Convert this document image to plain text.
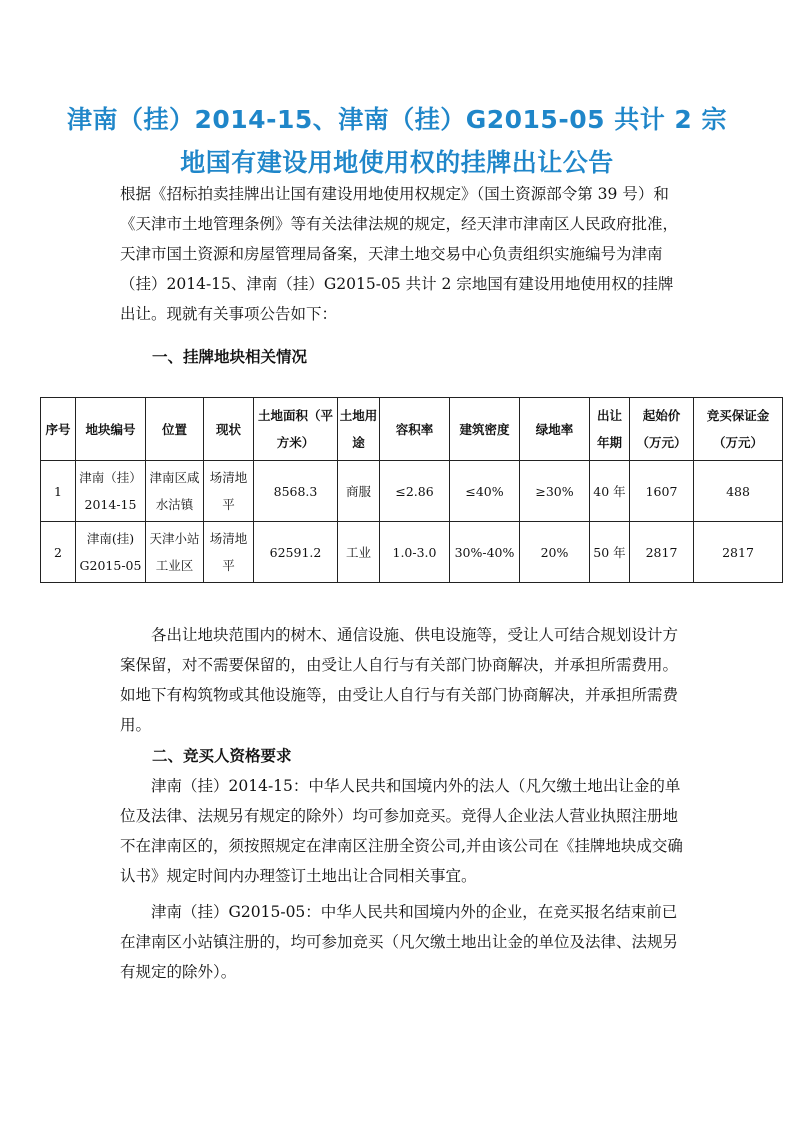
津南（挂）2014-15、津南（挂）G2015-05 共计 2 宗
地国有建设用地使用权的挂牌出让公告

根据《招标拍卖挂牌出让国有建设用地使用权规定》（国土资源部令第 39 号）和《天津市土地管理条例》等有关法律法规的规定，经天津市津南区人民政府批准，天津市国土资源和房屋管理局备案，天津土地交易中心负责组织实施编号为津南（挂）2014-15、津南（挂）G2015-05 共计 2 宗地国有建设用地使用权的挂牌出让。现就有关事项公告如下：

一、挂牌地块相关情况

序号	地块编号	位置	现状	土地面积（平方米）	土地用途	容积率	建筑密度	绿地率	出让年期	起始价（万元）	竞买保证金（万元）
1	津南（挂）2014-15	津南区咸水沽镇	场清地平	8568.3	商服	≤2.86	≤40%	≥30%	40 年	1607	488
2	津南(挂) G2015-05	天津小站工业区	场清地平	62591.2	工业	1.0-3.0	30%-40%	20%	50 年	2817	2817

各出让地块范围内的树木、通信设施、供电设施等，受让人可结合规划设计方案保留，对不需要保留的，由受让人自行与有关部门协商解决，并承担所需费用。如地下有构筑物或其他设施等，由受让人自行与有关部门协商解决，并承担所需费用。

二、竞买人资格要求

津南（挂）2014-15：中华人民共和国境内外的法人（凡欠缴土地出让金的单位及法律、法规另有规定的除外）均可参加竞买。竞得人企业法人营业执照注册地不在津南区的，须按照规定在津南区注册全资公司,并由该公司在《挂牌地块成交确认书》规定时间内办理签订土地出让合同相关事宜。

津南（挂）G2015-05：中华人民共和国境内外的企业，在竞买报名结束前已在津南区小站镇注册的，均可参加竞买（凡欠缴土地出让金的单位及法律、法规另有规定的除外）。
